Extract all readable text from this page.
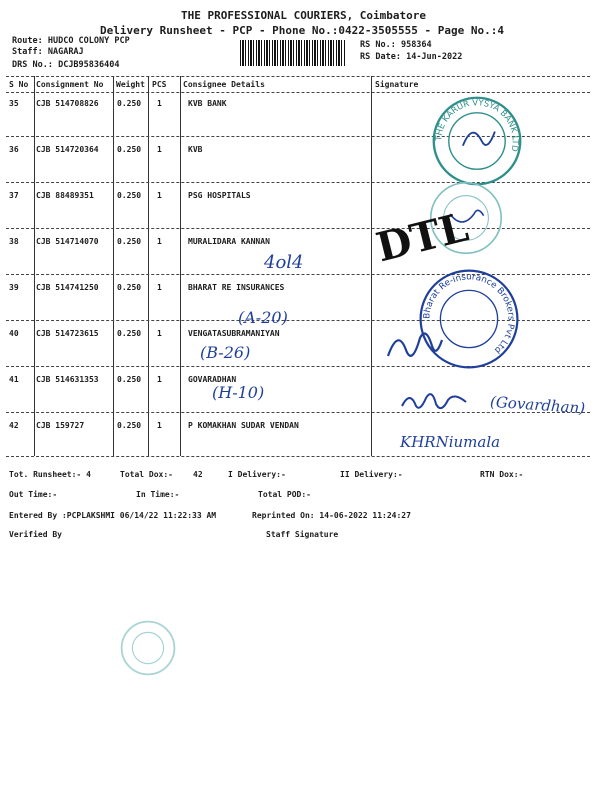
THE PROFESSIONAL COURIERS, Coimbatore
Delivery Runsheet - PCP - Phone No.:0422-3505555 - Page No.:4
Route: HUDCO COLONY PCP
Staff: NAGARAJ
DRS No.: DCJB95836404
RS No.: 958364
RS Date: 14-Jun-2022
S No Consignment No Weight PCS Consignee Details	Signature
35 CJB 514708826 0.250 1	KVB BANK
36 CJB 514720364 0.250 1	KVB
37 CJB 88489351	0.250 1	PSG HOSPITALS
38 CJB 514714070 0.250 1	MURALIDARA KANNAN
39 CJB 514741250 0.250 1	BHARAT RE INSURANCES
40 CJB 514723615 0.250 1	VENGATASUBRAMANIYAN
41 CJB 514631353 0.250 1	GOVARADHAN
42 CJB 159727	0.250 1	P KOMAKHAN SUDAR VENDAN
THE KARUR VYSYA BANK LTD
Bharat Re-insurance Brokers Pvt Ltd
4ol4 DTL
(A-20)
(B-26)
(H-10)
(Govardhan)
KHRNiumala
Tot. Runsheet:- 4	Total Dox:-	42	I Delivery:-	II Delivery:-	RTN Dox:-
Out Time:-	In Time:-	Total POD:-
Entered By :PCPLAKSHMI 06/14/22 11:22:33 AM	Reprinted On: 14-06-2022 11:24:27
Verified By	Staff Signature
